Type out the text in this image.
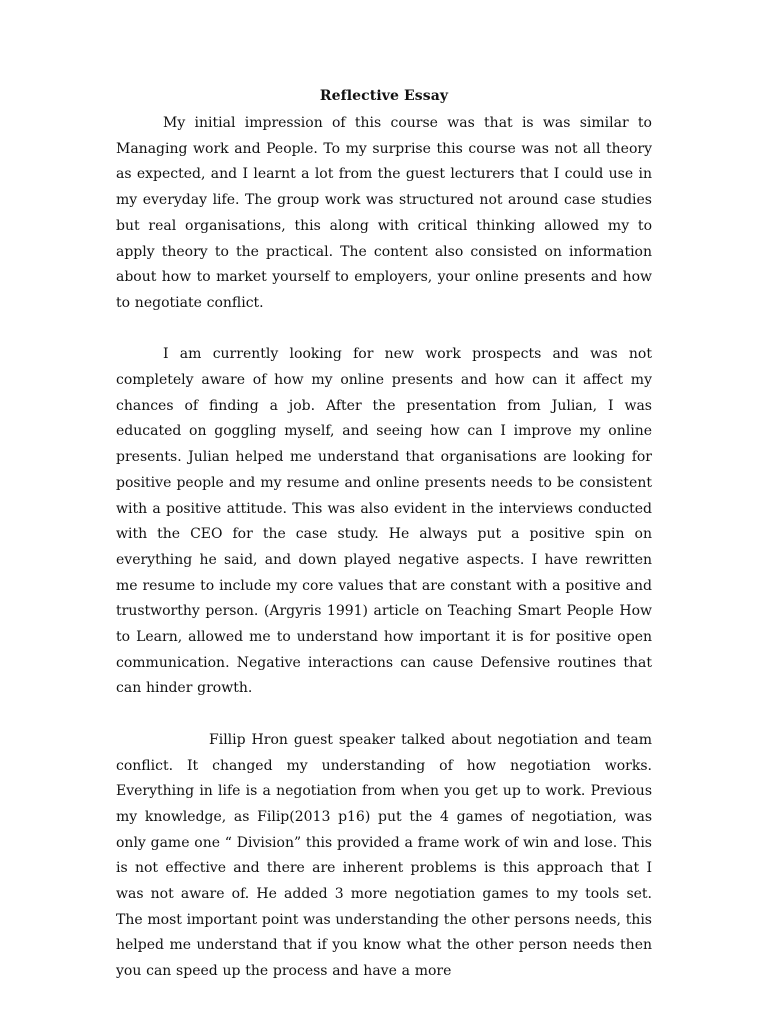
Reflective Essay

My initial impression of this course was that is was similar to Managing work and People. To my surprise this course was not all theory as expected, and I learnt a lot from the guest lecturers that I could use in my everyday life. The group work was structured not around case studies but real organisations, this along with critical thinking allowed my to apply theory to the practical. The content also consisted on information about how to market yourself to employers, your online presents and how to negotiate conflict.

I am currently looking for new work prospects and was not completely aware of how my online presents and how can it affect my chances of finding a job. After the presentation from Julian, I was educated on goggling myself, and seeing how can I improve my online presents. Julian helped me understand that organisations are looking for positive people and my resume and online presents needs to be consistent with a positive attitude. This was also evident in the interviews conducted with the CEO for the case study. He always put a positive spin on everything he said, and down played negative aspects. I have rewritten me resume to include my core values that are constant with a positive and trustworthy person. (Argyris 1991) article on Teaching Smart People How to Learn, allowed me to understand how important it is for positive open communication. Negative interactions can cause Defensive routines that can hinder growth.

Fillip Hron guest speaker talked about negotiation and team conflict. It changed my understanding of how negotiation works. Everything in life is a negotiation from when you get up to work. Previous my knowledge, as Filip(2013 p16) put the 4 games of negotiation, was only game one “ Division” this provided a frame work of win and lose. This is not effective and there are inherent problems is this approach that I was not aware of. He added 3 more negotiation games to my tools set. The most important point was understanding the other persons needs, this helped me understand that if you know what the other person needs then you can speed up the process and have a more
